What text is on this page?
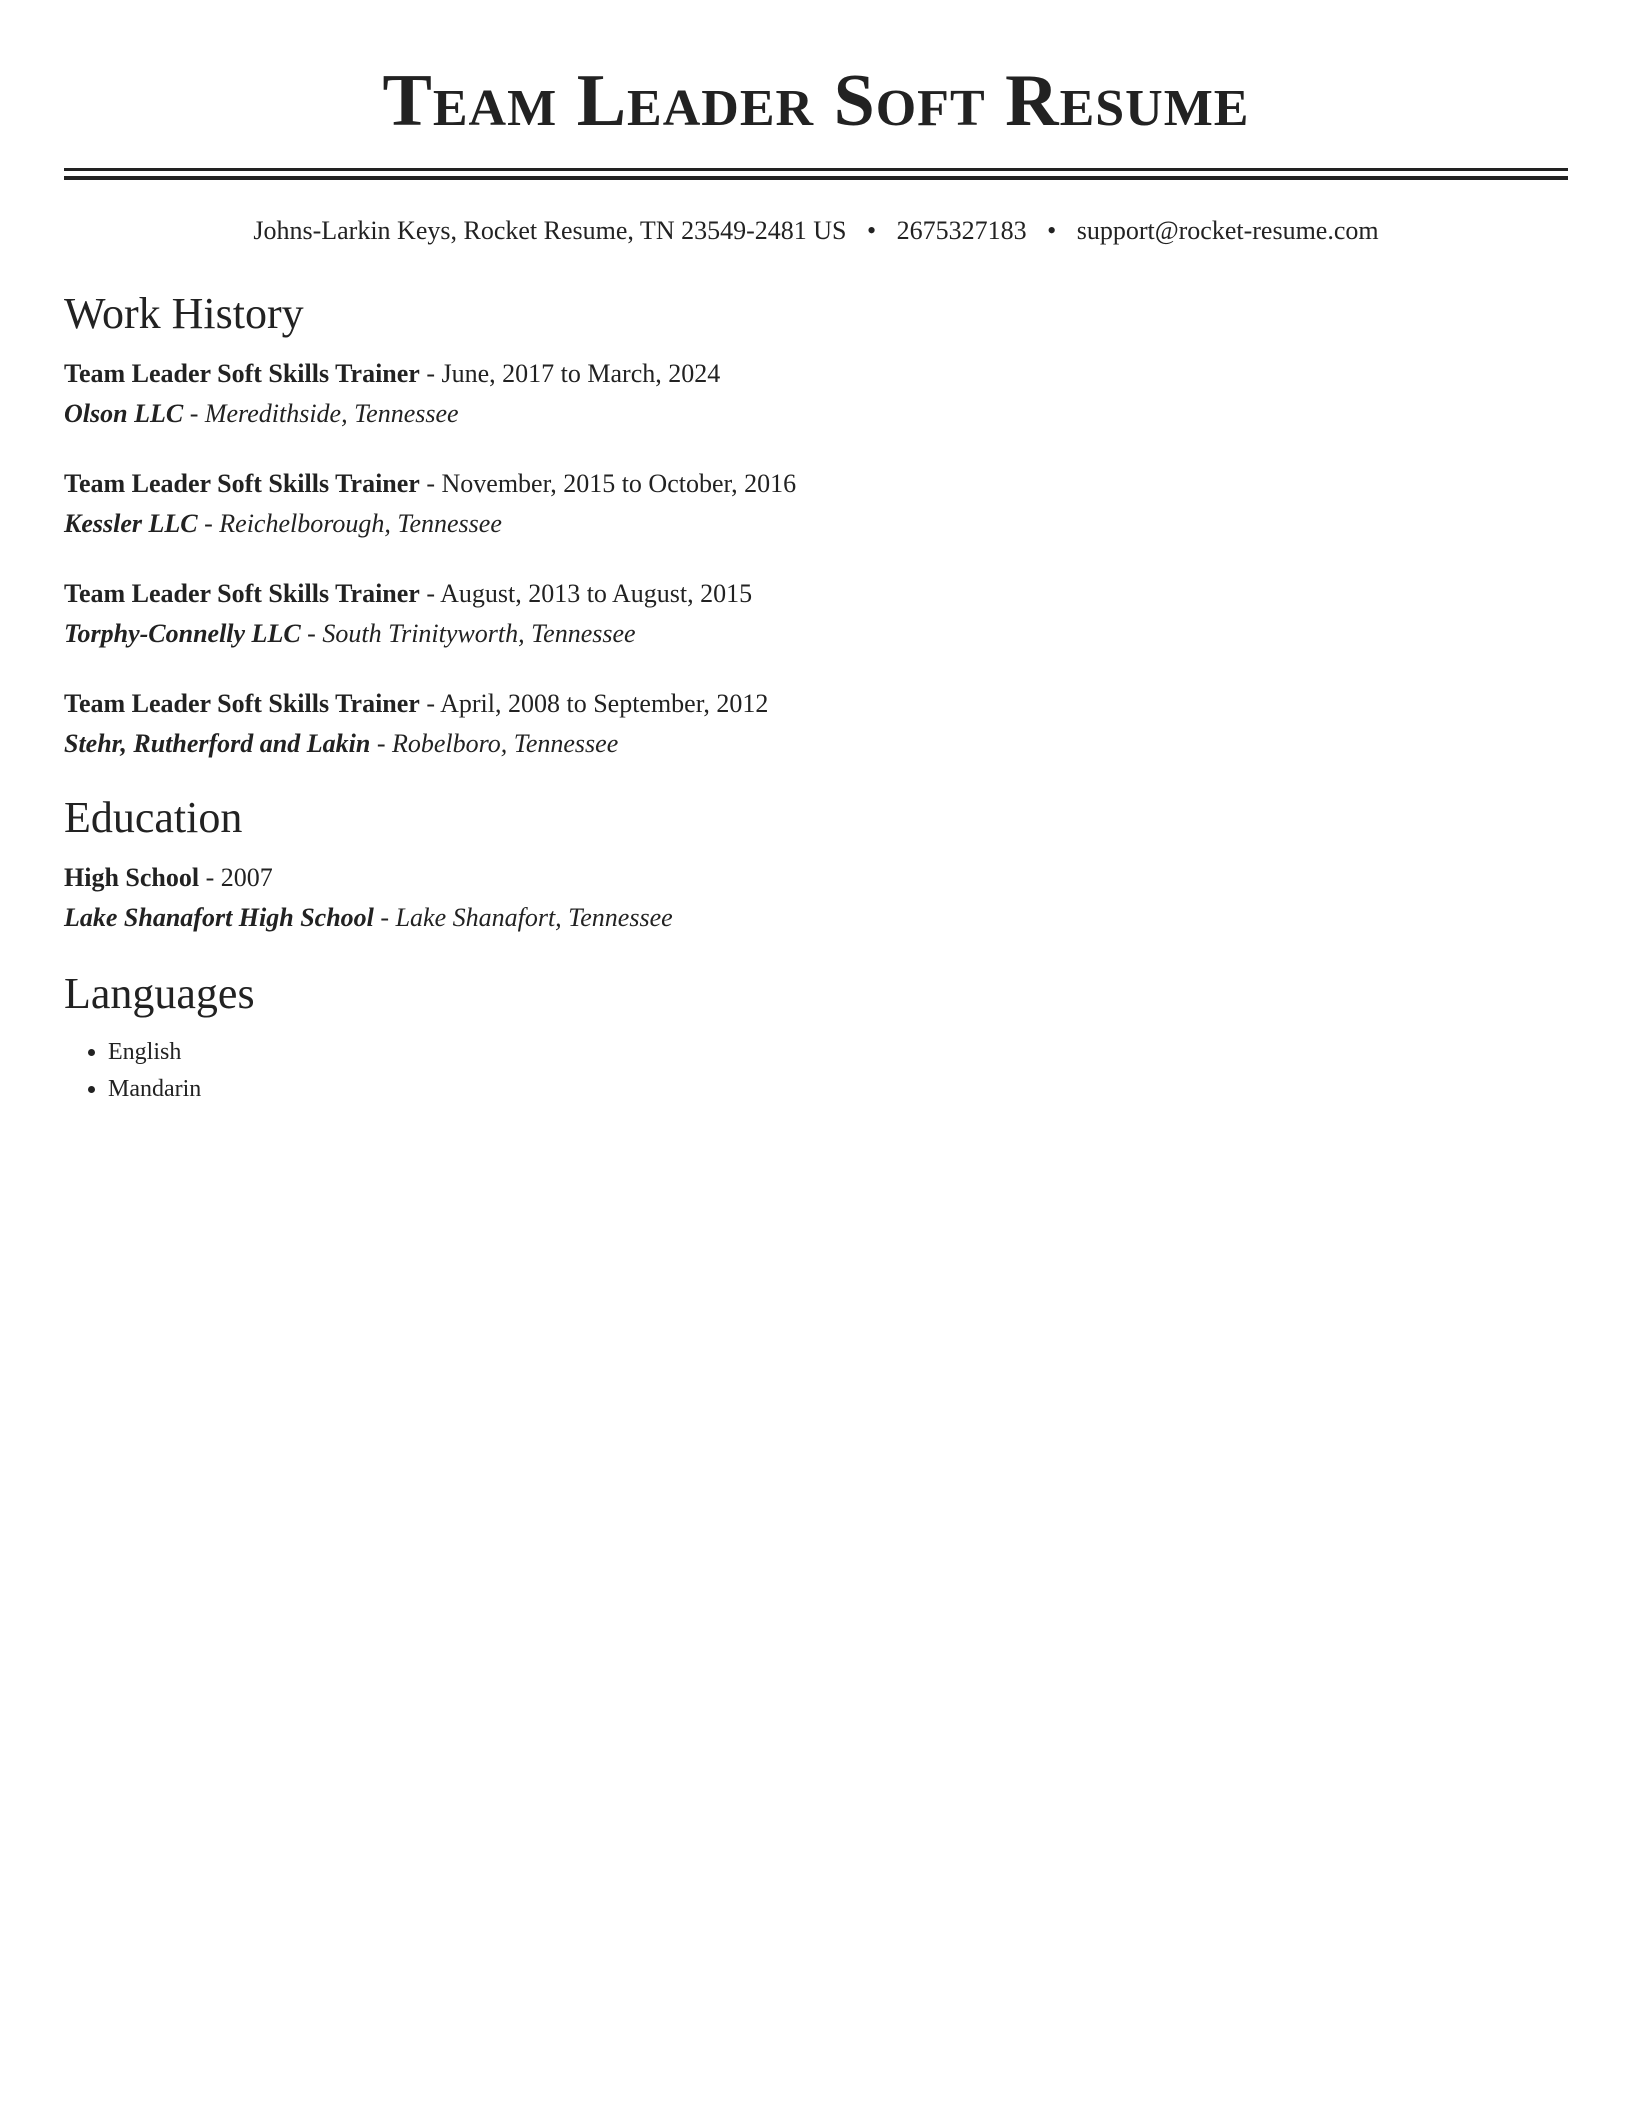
Team Leader Soft Resume
Johns-Larkin Keys, Rocket Resume, TN 23549-2481 US • 2675327183 • support@rocket-resume.com
Work History
Team Leader Soft Skills Trainer - June, 2017 to March, 2024
Olson LLC - Meredithside, Tennessee
Team Leader Soft Skills Trainer - November, 2015 to October, 2016
Kessler LLC - Reichelborough, Tennessee
Team Leader Soft Skills Trainer - August, 2013 to August, 2015
Torphy-Connelly LLC - South Trinityworth, Tennessee
Team Leader Soft Skills Trainer - April, 2008 to September, 2012
Stehr, Rutherford and Lakin - Robelboro, Tennessee
Education
High School - 2007
Lake Shanafort High School - Lake Shanafort, Tennessee
Languages
• English
• Mandarin
